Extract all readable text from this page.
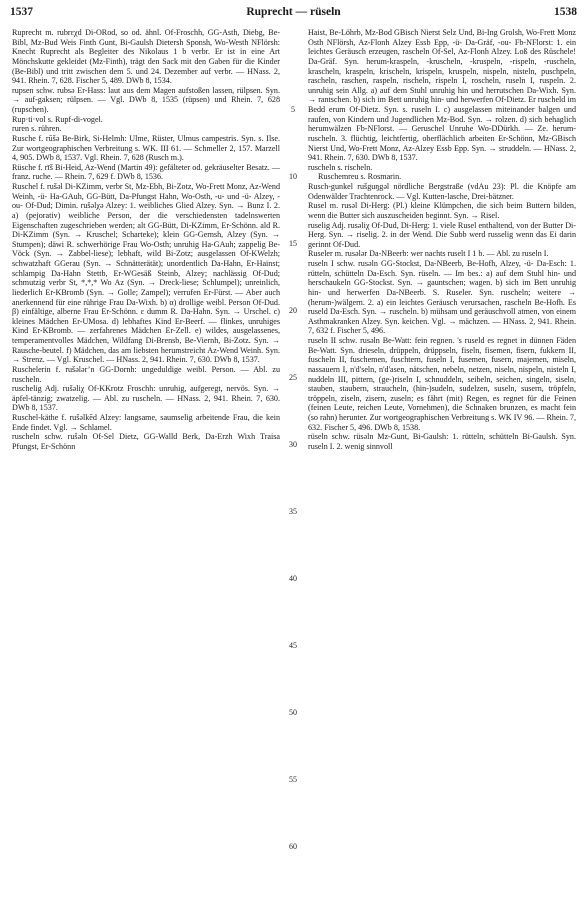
1537	Ruprecht — rüseln	1538

Ruprecht m. rubrɛχd Di-ORod, so od. ähnl. Of-Froschh, GG-Asth, Diebg, Be-Bibl, Mz-Bud Weis Finth Gunt, Bi-Gaulsh Dietersh Sponsh, Wo-Westh NFlörsh: Knecht Ruprecht als Begleiter des Nikolaus 1 b verbr. Er ist in eine Art Mönchskutte gekleidet (Mz-Finth), trägt den Sack mit den Gaben für die Kinder (Be-Bibl) und tritt zwischen dem 5. und 24. Dezember auf verbr. — HNass. 2, 941. Rhein. 7, 628. Fischer 5, 489. DWb 8, 1534.

rupsen schw. rubsə Er-Hass: laut aus dem Magen aufstoßen lassen, rülpsen. Syn. → auf-gaksen; rülpsen. — Vgl. DWb 8, 1535 (rüpsen) und Rhein. 7, 628 (rupschen).

Rup·ti·vol s. Rupf-di-vogel.

ruren s. rühren.

Rusche f. rūšə Be-Birk, Si-Helmh: Ulme, Rüster, Ulmus campestris. Syn. s. Ilse. Zur wortgeographischen Verbreitung s. WK. III 61. — Schmeller 2, 157. Marzell 4, 905. DWb 8, 1537. Vgl. Rhein. 7, 628 (Rusch m.).

Rüsche f. rīš Bi-Heid, Az-Wend (Martin 49): gefälteter od. gekräuselter Besatz. — franz. ruche. — Rhein. 7, 629 f. DWb 8, 1536.

Ruschel f. rušəl Di-KZimm, verbr St, Mz-Ebh, Bi-Zotz, Wo-Frett Monz, Az-Wend Weinh, -ü- Ha-GAuh, GG-Bütt, Da-Pfungst Hahn, Wo-Osth, -u- und -ü- Alzey, -ou- Of-Dud; Dimin. rušəlχə Alzey: 1. weibliches Glied Alzey. Syn. → Bunz I. 2. a) (pejorativ) weibliche Person, der die verschiedensten tadelnswerten Eigenschaften zugeschrieben werden; alt GG-Bütt, Di-KZimm, Er-Schönn. ald R. Di-KZimm (Syn. → Kruschel; Scharteke); klein GG-Gernsh, Alzey (Syn. → Stumpen); däwi R. schwerhörige Frau Wo-Osth; unruhig Ha-GAuh; zappelig Be-Vöck (Syn. → Zabbel-liese); lebhaft, wild Bi-Zotz; ausgelassen Of-KWelzh; schwatzhaft GGerau (Syn. → Schnätterätät); unordentlich Da-Hahn, Er-Hainst; schlampig Da-Hahn Stettb, Er-WGesäß Steinb, Alzey; nachlässig Of-Dud; schmutzig verbr St, *,*,* Wo Az (Syn. → Dreck-liese; Schlumpel); unreinlich, liederlich Er-KBromb (Syn. → Golle; Zampel); verrufen Er-Fürst. — Aber auch anerkennend für eine rührige Frau Da-Wixh. b) α) drollige weibl. Person Of-Dud. β) einfältige, alberne Frau Er-Schönn. ɛ dumm R. Da-Hahn. Syn. → Urschel. c) kleines Mädchen Er-UMosa. d) lebhaftes Kind Er-Beerf. — flinkes, unruhiges Kind Er-KBromb. — zerfahrenes Mädchen Er-Zell. e) wildes, ausgelassenes, temperamentvolles Mädchen, Wildfang Di-Brensb, Be-Viernh, Bi-Zotz. Syn. → Rausche-beutel. f) Mädchen, das am liebsten herumstreicht Az-Wend Weinh. Syn. → Strenz. — Vgl. Kruschel. — HNass. 2, 941. Rhein. 7, 630. DWb 8, 1537.

Ruschelerin f. rušələr’n GG-Dornh: ungeduldige weibl. Person. — Abl. zu ruscheln.

ruschelig Adj. rušəliχ Of-KKrotz Froschh: unruhig, aufgeregt, nervös. Syn. → äpfel-tänzig; zwatzelig. — Abl. zu ruscheln. — HNass. 2, 941. Rhein. 7, 630. DWb 8, 1537.

Ruschel-käthe f. rušəlkēd Alzey: langsame, saumselig arbeitende Frau, die kein Ende findet. Vgl. → Schlamel.

ruscheln schw. rušəln Of-Sel Dietz, GG-Walld Berk, Da-Erzh Wixh Traisa Pfungst, Er-Schönn

5
10
15
20
25
30
35
40
45
50
55
60

Haist, Be-Löhrb, Mz-Bod GBisch Nierst Selz Und, Bi-Ing Grolsh, Wo-Frett Monz Osth NFlörsh, Az-Flonh Alzey Essb Epp, -ü- Da-Gräf, -ou- Fb-NFlorst: 1. ein leichtes Geräusch erzeugen, rascheln Of-Sel, Az-Flonh Alzey. Loß des Rüschele! Da-Gräf. Syn. herum-kraspeln, -kruscheln, -kruspeln, -rispeln, -ruscheln, krascheln, kraspeln, krischeln, krispeln, kruspeln, nispeln, nisteln, puschpeln, rascheln, raschen, raspeln, rischeln, rispeln I, roscheln, ruseln I, ruspeln. 2. unruhig sein Allg. a) auf dem Stuhl unruhig hin und herrutschen Da-Wixh. Syn. → rantschen. b) sich im Bett unruhig hin- und herwerfen Of-Dietz. Er ruscheld im Bedd erum Of-Dietz. Syn. s. ruseln I. c) ausgelassen miteinander balgen und raufen, von Kindern und Jugendlichen Mz-Bod. Syn. → rolzen. d) sich behaglich herumwälzen Fb-NFlorst. — Geruschel Unruhe Wo-DDürkh. — Ze. herum-ruscheln. 3. flüchtig, leichtfertig, oberflächlich arbeiten Er-Schönn, Mz-GBisch Nierst Und, Wo-Frett Monz, Az-Alzey Essb Epp. Syn. → struddeln. — HNass. 2, 941. Rhein. 7, 630. DWb 8, 1537.

ruscheln s. rischeln.

Ruschemreu s. Rosmarin.

Rusch-gunkel rušguŋgəl nördliche Bergstraße (vdAu 23): Pl. die Knöpfe am Odenwälder Trachtenrock. — Vgl. Kutten-lasche, Drei-bätzner.

Rusel m. rusəl Di-Herg: (Pl.) kleine Klümpchen, die sich beim Buttern bilden, wenn die Butter sich auszuscheiden beginnt. Syn. → Risel.

ruselig Adj. rusəliχ Of-Dud, Di-Herg: 1. viele Rusel enthaltend, von der Butter Di-Herg. Syn. → riselig. 2. in der Wend. Die Subb werd russelig wenn das Ei darin gerinnt Of-Dud.

Ruseler m. rusələr Da-NBeerb: wer nachts ruselt I 1 b. — Abl. zu ruseln I.

ruseln I schw. rusəln GG-Stockst, Da-NBeerb, Be-Hofh, Alzey, -ü- Da-Esch: 1. rütteln, schütteln Da-Esch. Syn. rüseln. — Im bes.: a) auf dem Stuhl hin- und herschaukeln GG-Stockst. Syn. → gauntschen; wagen. b) sich im Bett unruhig hin- und herwerfen Da-NBeerb. S. Ruseler. Syn. ruscheln; weitere → (herum-)wälgern. 2. a) ein leichtes Geräusch verursachen, rascheln Be-Hofh. Es ruseld Da-Esch. Syn. → ruscheln. b) mühsam und geräuschvoll atmen, von einem Asthmakranken Alzey. Syn. keichen. Vgl. → mächzen. — HNass. 2, 941. Rhein. 7, 632 f. Fischer 5, 496.

ruseln II schw. rusəln Be-Watt: fein regnen. 's ruseld es regnet in dünnen Fäden Be-Watt. Syn. drieseln, drüppeln, drüppseln, fiseln, fisemen, fisern, fukkern II, fuscheln II, fuschemen, fuschtern, fuseln I, fusemen, fusern, majemen, miseln, nassauern I, n'd'seln, n'd'asen, nätschen, nebeln, netzen, niseln, nispeln, nisteln I, nuddeln III, pittern, (ge-)riseln I, schnuddeln, seibeln, seichen, singeln, siseln, stauben, staubern, straucheln, (hin-)sudeln, sudelzen, suseln, susern, tröpfeln, tröppeln, ziseln, zisern, zuseln; es fährt (mit) Regen, es regnet für die Feinen (feinen Leute, reichen Leute, Vornehmen), die Schnaken brunzen, es macht fein (so rahn) herunter. Zur wortgeographischen Verbreitung s. WK IV 96. — Rhein. 7, 632. Fischer 5, 496. DWb 8, 1538.

rüseln schw. rüsəln Mz-Gunt, Bi-Gaulsh: 1. rütteln, schütteln Bi-Gaulsh. Syn. ruseln I. 2. wenig sinnvoll
